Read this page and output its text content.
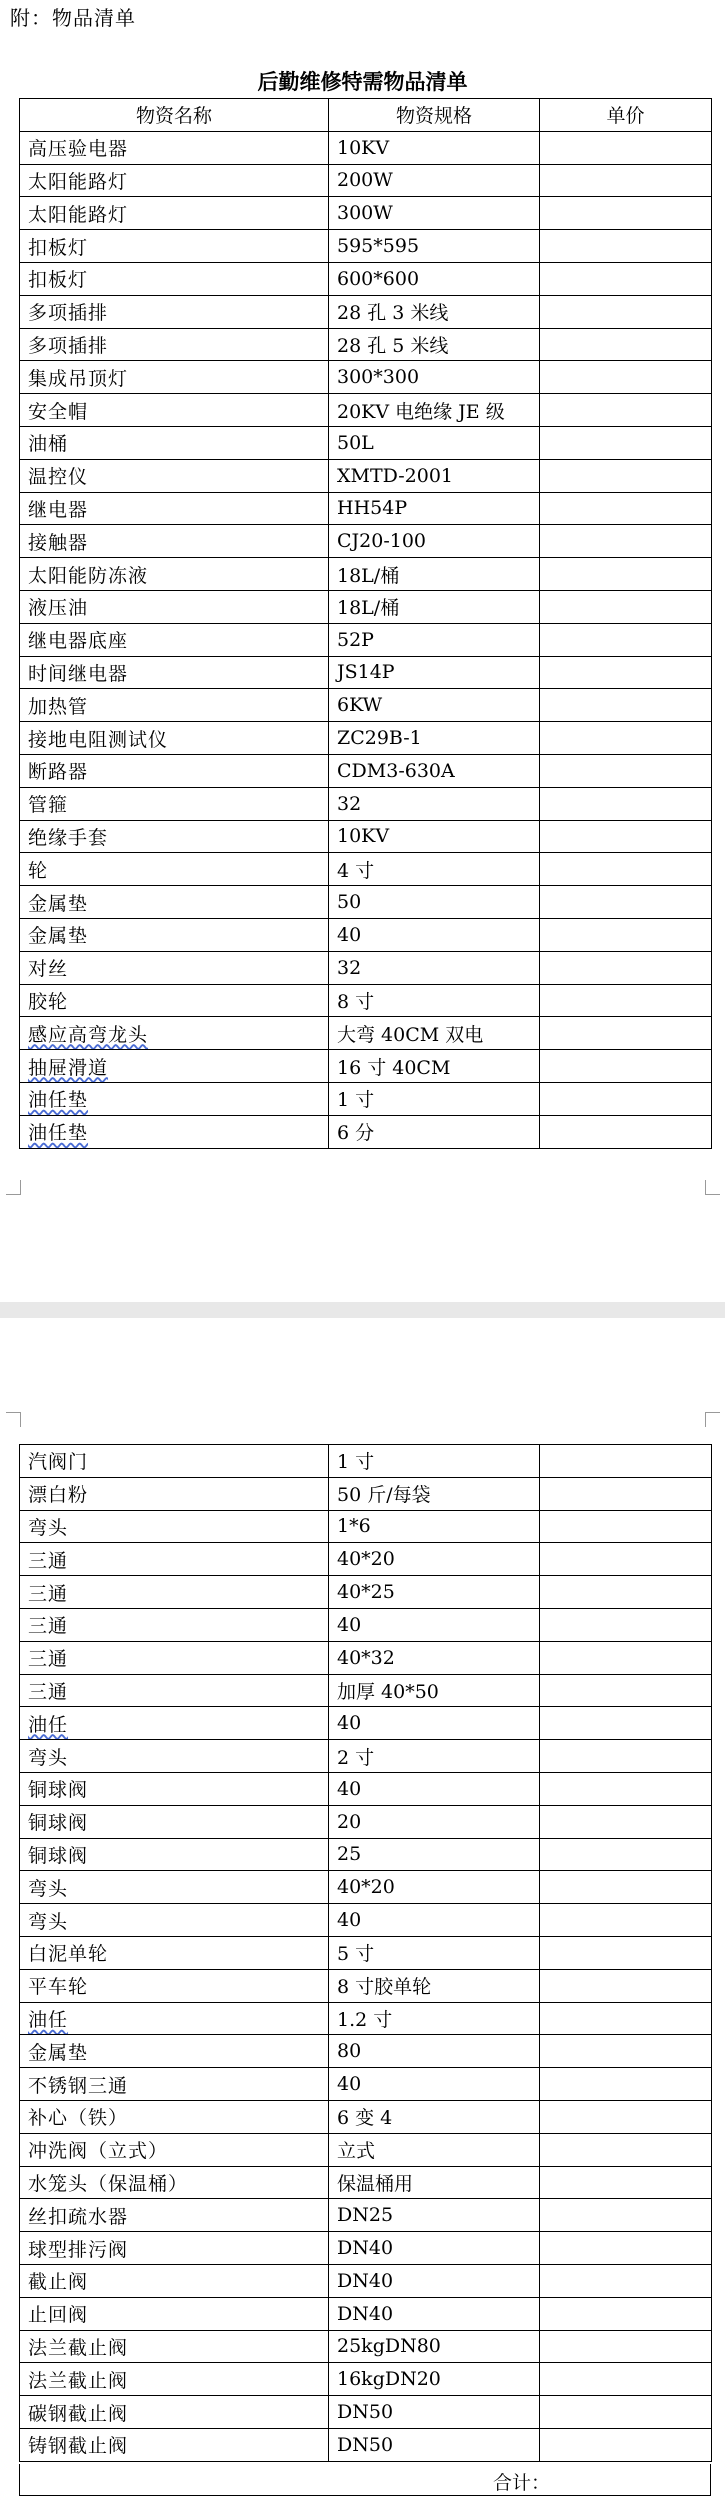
附：物品清单
后勤维修特需物品清单
物资名称	物资规格	单价
高压验电器	10KV	
太阳能路灯	200W	
太阳能路灯	300W	
扣板灯	595*595	
扣板灯	600*600	
多项插排	28 孔 3 米线	
多项插排	28 孔 5 米线	
集成吊顶灯	300*300	
安全帽	20KV 电绝缘 JE 级	
油桶	50L	
温控仪	XMTD-2001	
继电器	HH54P	
接触器	CJ20-100	
太阳能防冻液	18L/桶	
液压油	18L/桶	
继电器底座	52P	
时间继电器	JS14P	
加热管	6KW	
接地电阻测试仪	ZC29B-1	
断路器	CDM3-630A	
管箍	32	
绝缘手套	10KV	
轮	4 寸	
金属垫	50	
金属垫	40	
对丝	32	
胶轮	8 寸	
感应高弯龙头	大弯 40CM 双电	
抽屉滑道	16 寸 40CM	
油任垫	1 寸	
油任垫	6 分	
汽阀门	1 寸	
漂白粉	50 斤/每袋	
弯头	1*6	
三通	40*20	
三通	40*25	
三通	40	
三通	40*32	
三通	加厚 40*50	
油任	40	
弯头	2 寸	
铜球阀	40	
铜球阀	20	
铜球阀	25	
弯头	40*20	
弯头	40	
白泥单轮	5 寸	
平车轮	8 寸胶单轮	
油任	1.2 寸	
金属垫	80	
不锈钢三通	40	
补心（铁）	6 变 4	
冲洗阀（立式）	立式	
水笼头（保温桶）	保温桶用	
丝扣疏水器	DN25	
球型排污阀	DN40	
截止阀	DN40	
止回阀	DN40	
法兰截止阀	25kgDN80	
法兰截止阀	16kgDN20	
碳钢截止阀	DN50	
铸钢截止阀	DN50	
合计：
